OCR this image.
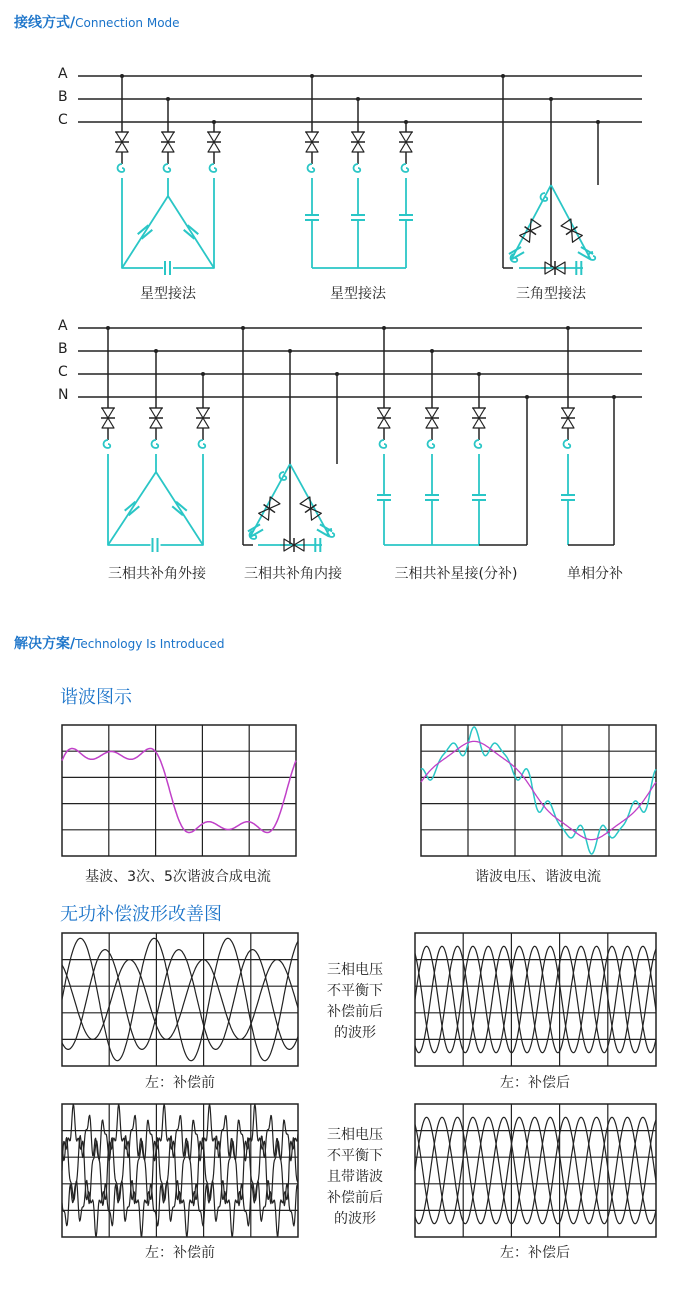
接线方式/Connection Mode
解决方案/Technology Is Introduced
谐波图示
无功补偿波形改善图
A
B
C
A
B
C
N
星型接法	星型接法	三角型接法
三相共补角外接	三相共补角内接	三相共补星接(分补)	单相分补
基波、3次、5次谐波合成电流	谐波电压、谐波电流
三相电压
不平衡下
补偿前后
的波形
三相电压
不平衡下
且带谐波
补偿前后
的波形
左：补偿前	左：补偿后
左：补偿前	左：补偿后
